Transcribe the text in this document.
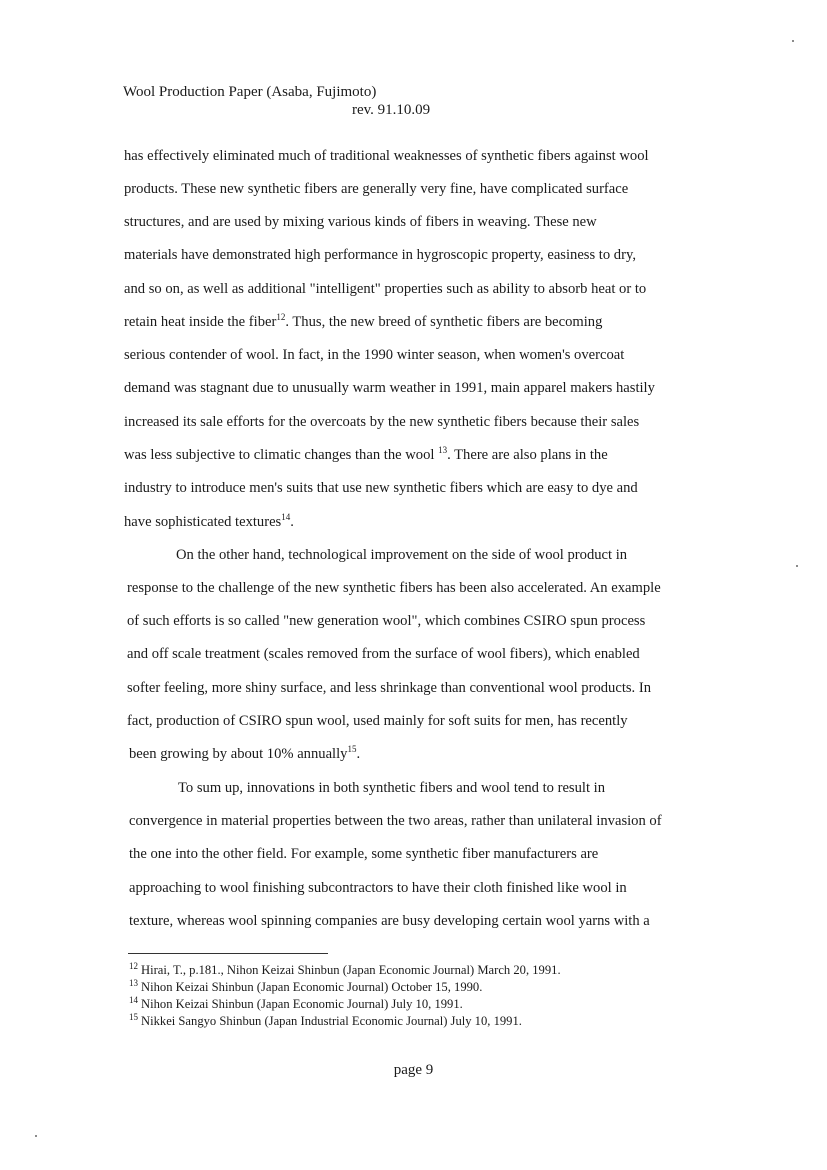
Wool Production Paper (Asaba, Fujimoto)
rev. 91.10.09
has effectively eliminated much of traditional weaknesses of synthetic fibers against wool
products. These new synthetic fibers are generally very fine, have complicated surface
structures, and are used by mixing various kinds of fibers in weaving. These new
materials have demonstrated high performance in hygroscopic property, easiness to dry,
and so on, as well as additional "intelligent" properties such as ability to absorb heat or to
retain heat inside the fiber$^{12}$. Thus, the new breed of synthetic fibers are becoming
serious contender of wool. In fact, in the 1990 winter season, when women's overcoat
demand was stagnant due to unusually warm weather in 1991, main apparel makers hastily
increased its sale efforts for the overcoats by the new synthetic fibers because their sales
was less subjective to climatic changes than the wool $^{13}$. There are also plans in the
industry to introduce men's suits that use new synthetic fibers which are easy to dye and
have sophisticated textures$^{14}$.
On the other hand, technological improvement on the side of wool product in
response to the challenge of the new synthetic fibers has been also accelerated. An example
of such efforts is so called "new generation wool", which combines CSIRO spun process
and off scale treatment (scales removed from the surface of wool fibers), which enabled
softer feeling, more shiny surface, and less shrinkage than conventional wool products. In
fact, production of CSIRO spun wool, used mainly for soft suits for men, has recently
been growing by about 10% annually$^{15}$.
To sum up, innovations in both synthetic fibers and wool tend to result in
convergence in material properties between the two areas, rather than unilateral invasion of
the one into the other field. For example, some synthetic fiber manufacturers are
approaching to wool finishing subcontractors to have their cloth finished like wool in
texture, whereas wool spinning companies are busy developing certain wool yarns with a
$^{12}$ Hirai, T., p.181., Nihon Keizai Shinbun (Japan Economic Journal) March 20, 1991.
$^{13}$ Nihon Keizai Shinbun (Japan Economic Journal) October 15, 1990.
$^{14}$ Nihon Keizai Shinbun (Japan Economic Journal) July 10, 1991.
$^{15}$ Nikkei Sangyo Shinbun (Japan Industrial Economic Journal) July 10, 1991.
page 9
